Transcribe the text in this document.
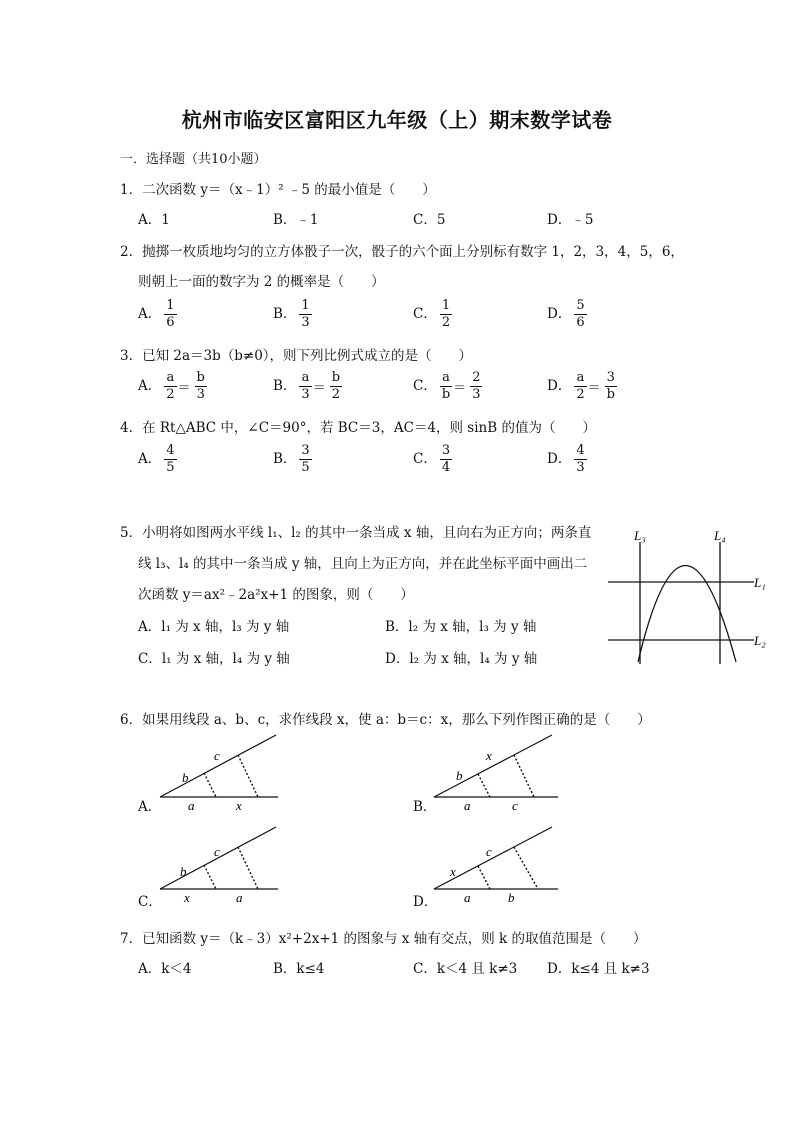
杭州市临安区富阳区九年级（上）期末数学试卷
一．选择题（共10小题）
1．二次函数 y＝（x﹣1）² ﹣5 的最小值是（　　）
A．1	B．﹣1	C．5	D．﹣5
2．抛掷一枚质地均匀的立方体骰子一次，骰子的六个面上分别标有数字 1，2，3，4，5，6，
则朝上一面的数字为 2 的概率是（　　）
A． $\frac{1}{6}$	B． $\frac{1}{3}$	C． $\frac{1}{2}$	D． $\frac{5}{6}$
3．已知 2a＝3b（b≠0），则下列比例式成立的是（　　）
A． $\frac{a}{2} = \frac{b}{3}$	B． $\frac{a}{3} = \frac{b}{2}$	C． $\frac{a}{b} = \frac{2}{3}$	D． $\frac{a}{2} = \frac{3}{b}$
4．在 Rt△ABC 中，∠C＝90°，若 BC＝3，AC＝4，则 sinB 的值为（　　）
A． $\frac{4}{5}$	B． $\frac{3}{5}$	C． $\frac{3}{4}$	D． $\frac{4}{3}$
5．小明将如图两水平线 l₁、l₂ 的其中一条当成 x 轴，且向右为正方向；两条直
线 l₃、l₄ 的其中一条当成 y 轴，且向上为正方向，并在此坐标平面中画出二
次函数 y＝ax²﹣2a²x+1 的图象，则（　　）
A．l₁ 为 x 轴，l₃ 为 y 轴	B．l₂ 为 x 轴，l₃ 为 y 轴
C．l₁ 为 x 轴，l₄ 为 y 轴	D．l₂ 为 x 轴，l₄ 为 y 轴
L₃	L₄
L₁
L₂
6．如果用线段 a、b、c，求作线段 x，使 a：b＝c：x，那么下列作图正确的是（　　）
A．
b
c
a	x	B．
b
x
a	c
C．
b
c
x	a	D．
x
c
a	b
7．已知函数 y＝（k﹣3）x²+2x+1 的图象与 x 轴有交点，则 k 的取值范围是（　　）
A．k＜4	B．k≤4	C．k＜4 且 k≠3 D．k≤4 且 k≠3
